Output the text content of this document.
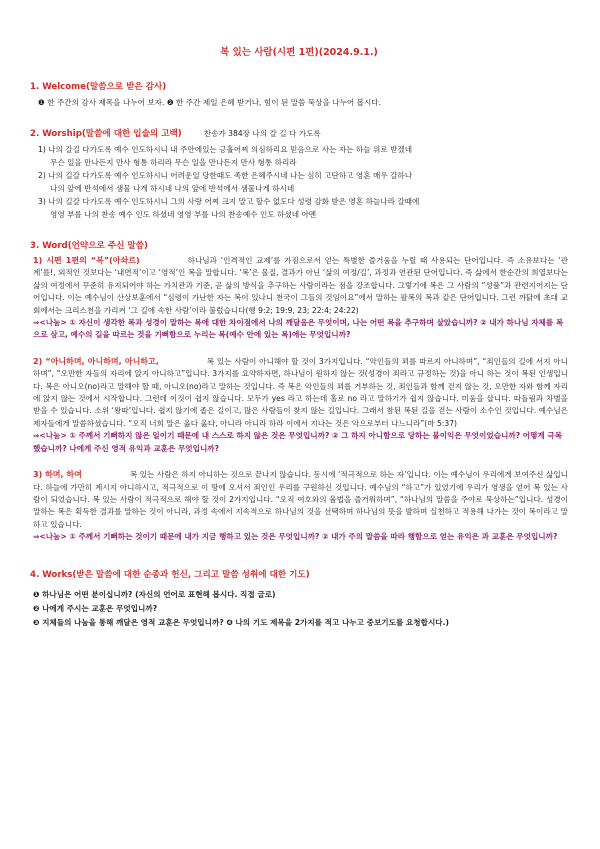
복 있는 사람(시편 1편)(2024.9.1.)
1. Welcome(말씀으로 받은 감사)
❶ 한 주간의 감사 제목을 나누어 보자. ❷ 한 주간 제일 은혜 받거나, 힘이 된 말씀 묵상을 나누어 봅시다.
2. Worship(말씀에 대한 입술의 고백)	찬송가 384장 나의 갈 길 다 가도록
1) 나의 갈길 다가도록 예수 인도하시니 내 주안에있는 긍휼어찌 의심하리요 믿음으로 사는 자는 하늘 위로 받겠네
무슨 일을 만나든지 만사 형통 하리라 무슨 일을 만나든지 만사 형통 하리라
2) 나의 길갈 다가도록 예수 인도하시니 어려운일 당한때도 족한 은혜주시네 나는 심히 고단하고 영혼 매우 갈하나
나의 앞에 반석에서 샘물 나게 하시네 나의 앞에 반석에서 샘물나게 하시네
3) 나의 길갈 다가도록 예수 인도하시니 그의 사랑 어찌 크지 말고 할수 없도다 성령 감화 받은 영혼 하늘나라 갈때에
영영 부를 나의 찬송 예수 인도 하셨네 영영 부를 나의 찬송예수 인도 하셨네 아멘
3. Word(언약으로 주신 말씀)
1) 시편 1편의 “복”(아솨르)	하나님과 ‘인격적인 교제’를 가짐으로서 얻는 특별한 즐거움을 누릴 때 사용되는 단어입니다. 즉 소유보다는 ‘관계’를!, 외적인 것보다는 ‘내면적’이고 ‘영적’인 복을 말합니다. ‘복’은 물질, 결과가 아닌 ‘삶의 여정/길’, 과정과 연관된 단어입니다. 즉 삶에서 한순간의 희열보다는 삶의 여정에서 꾸준히 유지되어야 하는 가치관과 기준, 곧 삶의 방식을 추구하는 사람이라는 점을 강조합니다. 그렇기에 복은 그 사람의 “성품”과 관련지어지는 단어입니다. 이는 예수님이 산상보훈에서 “심령이 가난한 자는 복이 있나니 천국이 그들의 것임이요”에서 말하는 팔복의 복과 같은 단어입니다. 그런 까닭에 초대 교회에서는 크리스천을 가리켜 ‘그 길에 속한 사람’이라 불렀습니다(행 9:2; 19:9, 23; 22:4; 24:22)
⇒<나눔> ① 자신이 생각한 복과 성경이 말하는 복에 대한 차이점에서 나의 깨달음은 무엇이며, 나는 어떤 복을 추구하며 살았습니까? ② 내가 하나님 자체를 복으로 삼고, 예수의 길을 따르는 것을 기뻐함으로 누리는 복(예수 안에 있는 복)에는 무엇입니까?
2) “아니하며, 아니하며, 아니하고,	복 있는 사람이 아니해야 할 것이 3가지입니다. “악인들의 꾀를 따르지 아니하며”, “죄인들의 길에 서지 아니하며”, “오만한 자들의 자리에 앉지 아니하고”입니다. 3가지를 요약하자면, 하나님이 원하지 않는 것(성경이 죄라고 규정하는 것)을 아니 하는 것이 복된 인생입니다. 복은 아니오(no)라고 말해야 할 때, 아니오(no)라고 말하는 것입니다. 즉 복은 악인들의 꾀를 거부하는 것, 죄인들과 함께 걷지 않는 것, 오만한 자와 함께 자리에 앉지 않는 것에서 시작합니다. 그런데 이것이 쉽지 않습니다. 모두가 yes 라고 하는데 홀로 no 라고 말하기가 쉽지 않습니다. 미움을 삽니다. 따돌림과 차별을 받을 수 있습니다. 소위 ‘왕따’입니다. 쉽지 않기에 좁은 길이고, 많은 사람들이 찾지 않는 길입니다. 그래서 참된 복된 길을 걷는 사람이 소수인 것입니다. 예수님은 제자들에게 말씀하셨습니다. “오직 너희 말은 옳다 옳다, 아니라 아니라 하라 이에서 지나는 것은 악으로부터 나느니라”(마 5:37)
⇒<나눔> ① 주께서 기뻐하지 않은 일이기 때문에 내 스스로 하지 않은 것은 무엇입니까? ② 그 하지 아니함으로 당하는 불이익은 무엇이었습니까? 어떻게 극복했습니까? 나에게 주신 영적 유익과 교훈은 무엇입니까?
3) 하며, 하여	복 있는 사람은 하지 아니하는 것으로 끝나지 않습니다. 동시에 ‘적극적으로 하는 자’입니다. 이는 예수님이 우리에게 보여주신 삶입니다. 하늘에 가만히 계시지 아니하시고, 적극적으로 이 땅에 오셔서 죄인인 우리를 구원하신 것입니다. 예수님의 “하고”가 있었기에 우리가 영생을 얻어 복 있는 사람이 되었습니다. 복 있는 사람이 적극적으로 해야 할 것이 2가지입니다. “오직 여호와의 율법을 즐거워하며”, “하나님의 말씀을 주야로 묵상하는”입니다. 성경이 말하는 복은 획득한 결과를 말하는 것이 아니라, 과정 속에서 지속적으로 하나님의 것을 선택하며 하나님의 뜻을 발하며 실천하고 적용해 나가는 것이 복이라고 말하고 있습니다.
⇒<나눔> ① 주께서 기뻐하는 것이기 때문에 내가 지금 행하고 있는 것은 무엇입니까? ② 내가 주의 말씀을 따라 행함으로 얻는 유익은 과 교훈은 무엇입니까?
4. Works(받은 말씀에 대한 순종과 헌신, 그리고 말씀 성취에 대한 기도)
❶ 하나님은 어떤 분이십니까? (자신의 언어로 표현해 봅시다. 직접 글로)
❷ 나에게 주시는 교훈은 무엇입니까?
❸ 지체들의 나눔을 통해 깨달은 영적 교훈은 무엇입니까? ❹ 나의 기도 제목을 2가지를 적고 나누고 중보기도를 요청합시다.)
